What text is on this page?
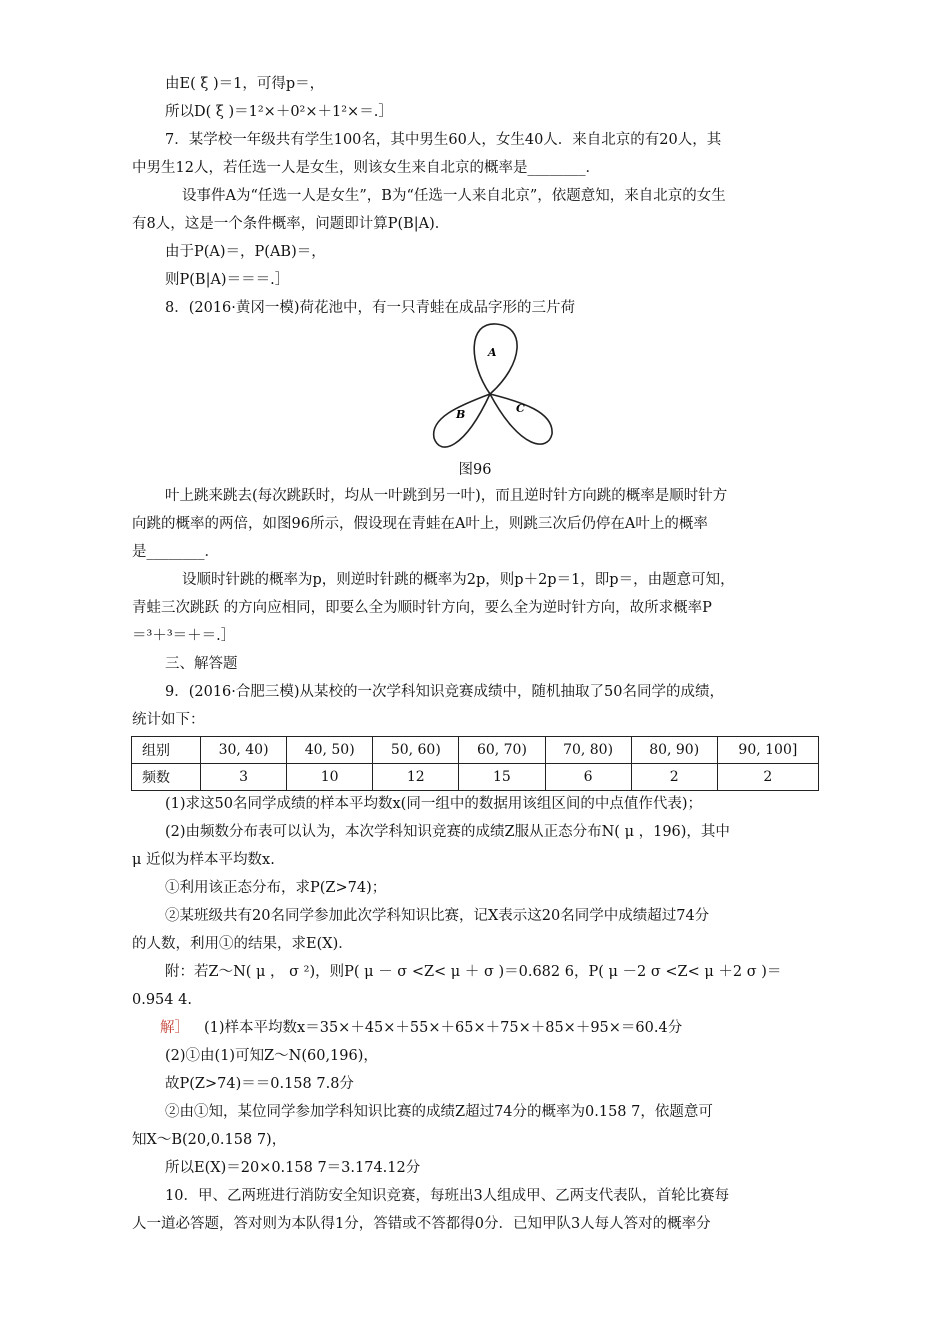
由E( ξ )＝1，可得p＝，
所以D( ξ )＝1²×＋0²×＋1²×＝.］
7．某学校一年级共有学生100名，其中男生60人，女生40人．来自北京的有20人，其
中男生12人，若任选一人是女生，则该女生来自北京的概率是________．
设事件A为“任选一人是女生”，B为“任选一人来自北京”，依题意知，来自北京的女生
有8人，这是一个条件概率，问题即计算P(B|A)．
由于P(A)＝，P(AB)＝，
则P(B|A)＝＝＝.］
8．(2016·黄冈一模)荷花池中，有一只青蛙在成品字形的三片荷
A
B	C
图96
叶上跳来跳去(每次跳跃时，均从一叶跳到另一叶)，而且逆时针方向跳的概率是顺时针方
向跳的概率的两倍，如图96所示，假设现在青蛙在A叶上，则跳三次后仍停在A叶上的概率
是________．
设顺时针跳的概率为p，则逆时针跳的概率为2p，则p＋2p＝1，即p＝，由题意可知，
青蛙三次跳跃 的方向应相同，即要么全为顺时针方向，要么全为逆时针方向，故所求概率P
＝³＋³＝＋＝.］
三、解答题
9．(2016·合肥三模)从某校的一次学科知识竞赛成绩中，随机抽取了50名同学的成绩，
统计如下：
组别	30, 40)	40, 50)	50, 60)	60, 70)	70, 80)	80, 90)	90, 100]
频数	3	10	12	15	6	2	2
(1)求这50名同学成绩的样本平均数x(同一组中的数据用该组区间的中点值作代表)；
(2)由频数分布表可以认为，本次学科知识竞赛的成绩Z服从正态分布N( μ ，196)，其中
μ 近似为样本平均数x.
①利用该正态分布，求P(Z>74)；
②某班级共有20名同学参加此次学科知识比赛，记X表示这20名同学中成绩超过74分
的人数，利用①的结果，求E(X)．
附：若Z～N( μ ， σ ²)，则P( μ － σ <Z< μ ＋ σ )＝0.682 6，P( μ －2 σ <Z< μ ＋2 σ )＝
0.954 4.
解］ (1)样本平均数x＝35×＋45×＋55×＋65×＋75×＋85×＋95×＝60.4分
(2)①由(1)可知Z～N(60,196)，
故P(Z>74)＝＝0.158 7.8分
②由①知，某位同学参加学科知识比赛的成绩Z超过74分的概率为0.158 7，依题意可
知X～B(20,0.158 7)，
所以E(X)＝20×0.158 7＝3.174.12分
10．甲、乙两班进行消防安全知识竞赛，每班出3人组成甲、乙两支代表队，首轮比赛每
人一道必答题，答对则为本队得1分，答错或不答都得0分．已知甲队3人每人答对的概率分
